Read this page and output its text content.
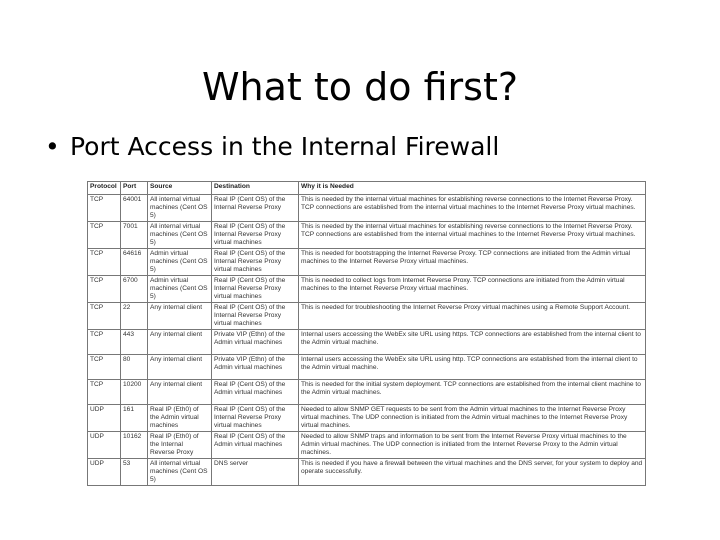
What to do first?
• Port Access in the Internal Firewall
Protocol	Port	Source	Destination	Why it is Needed
TCP	64001	All internal virtual machines (Cent OS 5)	Real IP (Cent OS) of the Internal Reverse Proxy	This is needed by the internal virtual machines for establishing reverse connections to the Internet Reverse Proxy. TCP connections are established from the internal virtual machines to the Internet Reverse Proxy virtual machines.
TCP	7001	All internal virtual machines (Cent OS 5)	Real IP (Cent OS) of the Internal Reverse Proxy virtual machines	This is needed by the internal virtual machines for establishing reverse connections to the Internet Reverse Proxy. TCP connections are established from the internal virtual machines to the Internet Reverse Proxy virtual machines.
TCP	64616	Admin virtual machines (Cent OS 5)	Real IP (Cent OS) of the Internal Reverse Proxy virtual machines	This is needed for bootstrapping the Internet Reverse Proxy. TCP connections are initiated from the Admin virtual machines to the Internet Reverse Proxy virtual machines.
TCP	6700	Admin virtual machines (Cent OS 5)	Real IP (Cent OS) of the Internal Reverse Proxy virtual machines	This is needed to collect logs from Internet Reverse Proxy. TCP connections are initiated from the Admin virtual machines to the Internet Reverse Proxy virtual machines.
TCP	22	Any internal client	Real IP (Cent OS) of the Internal Reverse Proxy virtual machines	This is needed for troubleshooting the Internet Reverse Proxy virtual machines using a Remote Support Account.
TCP	443	Any internal client	Private VIP (Ethn) of the Admin virtual machines	Internal users accessing the WebEx site URL using https. TCP connections are established from the internal client to the Admin virtual machine.
TCP	80	Any internal client	Private VIP (Ethn) of the Admin virtual machines	Internal users accessing the WebEx site URL using http. TCP connections are established from the internal client to the Admin virtual machine.
TCP	10200	Any internal client	Real IP (Cent OS) of the Admin virtual machines	This is needed for the initial system deployment. TCP connections are established from the internal client machine to the Admin virtual machines.
UDP	161	Real IP (Eth0) of the Admin virtual machines	Real IP (Cent OS) of the Internal Reverse Proxy virtual machines	Needed to allow SNMP GET requests to be sent from the Admin virtual machines to the Internet Reverse Proxy virtual machines. The UDP connection is initiated from the Admin virtual machines to the Internet Reverse Proxy virtual machines.
UDP	10162	Real IP (Eth0) of the Internal Reverse Proxy	Real IP (Cent OS) of the Admin virtual machines	Needed to allow SNMP traps and information to be sent from the Internet Reverse Proxy virtual machines to the Admin virtual machines. The UDP connection is initiated from the Internet Reverse Proxy to the Admin virtual machines.
UDP	53	All internal virtual machines (Cent OS 5)	DNS server	This is needed if you have a firewall between the virtual machines and the DNS server, for your system to deploy and operate successfully.
